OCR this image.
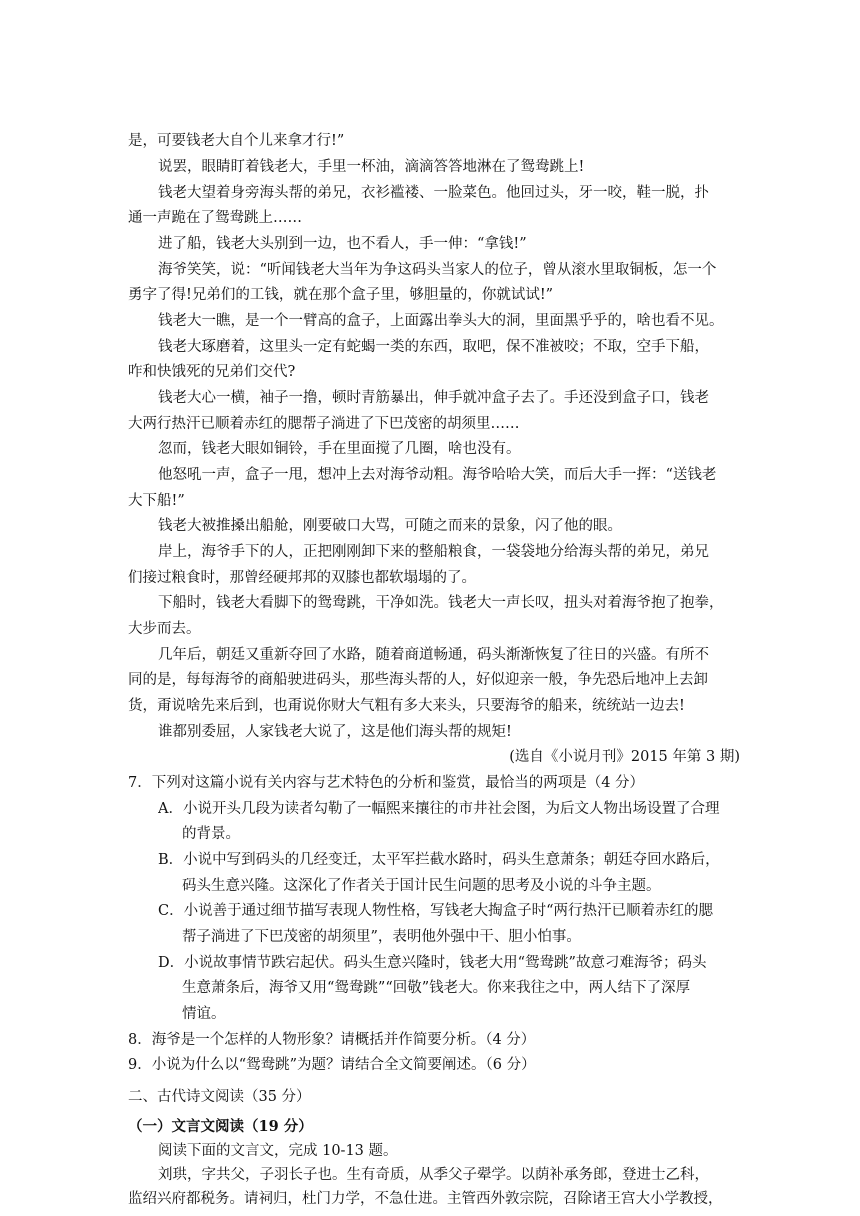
是，可要钱老大自个儿来拿才行!”
说罢，眼睛盯着钱老大，手里一杯油，滴滴答答地淋在了鸳鸯跳上!
钱老大望着身旁海头帮的弟兄，衣衫褴褛、一脸菜色。他回过头，牙一咬，鞋一脱，扑
通一声跪在了鸳鸯跳上……
进了船，钱老大头别到一边，也不看人，手一伸：“拿钱!”
海爷笑笑，说：“听闻钱老大当年为争这码头当家人的位子，曾从滚水里取铜板，怎一个
勇字了得!兄弟们的工钱，就在那个盒子里，够胆量的，你就试试!”
钱老大一瞧，是一个一臂高的盒子，上面露出拳头大的洞，里面黑乎乎的，啥也看不见。
钱老大琢磨着，这里头一定有蛇蝎一类的东西，取吧，保不准被咬；不取，空手下船，
咋和快饿死的兄弟们交代?
钱老大心一横，袖子一撸，顿时青筋暴出，伸手就冲盒子去了。手还没到盒子口，钱老
大两行热汗已顺着赤红的腮帮子淌进了下巴茂密的胡须里……
忽而，钱老大眼如铜铃，手在里面搅了几圈，啥也没有。
他怒吼一声，盒子一甩，想冲上去对海爷动粗。海爷哈哈大笑，而后大手一挥：“送钱老
大下船!”
钱老大被推搡出船舱，刚要破口大骂，可随之而来的景象，闪了他的眼。
岸上，海爷手下的人，正把刚刚卸下来的整船粮食，一袋袋地分给海头帮的弟兄，弟兄
们接过粮食时，那曾经硬邦邦的双膝也都软塌塌的了。
下船时，钱老大看脚下的鸳鸯跳，干净如洗。钱老大一声长叹，扭头对着海爷抱了抱拳，
大步而去。
几年后，朝廷又重新夺回了水路，随着商道畅通，码头渐渐恢复了往日的兴盛。有所不
同的是，每每海爷的商船驶进码头，那些海头帮的人，好似迎亲一般，争先恐后地冲上去卸
货，甭说啥先来后到，也甭说你财大气粗有多大来头，只要海爷的船来，统统站一边去!
谁都别委屈，人家钱老大说了，这是他们海头帮的规矩!
(选自《小说月刊》2015 年第 3 期)
7．下列对这篇小说有关内容与艺术特色的分析和鉴赏，最恰当的两项是（4 分）
A．小说开头几段为读者勾勒了一幅熙来攘往的市井社会图，为后文人物出场设置了合理
的背景。
B．小说中写到码头的几经变迁，太平军拦截水路时，码头生意萧条；朝廷夺回水路后，
码头生意兴隆。这深化了作者关于国计民生问题的思考及小说的斗争主题。
C．小说善于通过细节描写表现人物性格，写钱老大掏盒子时“两行热汗已顺着赤红的腮
帮子淌进了下巴茂密的胡须里”，表明他外强中干、胆小怕事。
D．小说故事情节跌宕起伏。码头生意兴隆时，钱老大用“鸳鸯跳”故意刁难海爷；码头
生意萧条后，海爷又用“鸳鸯跳”“回敬”钱老大。你来我往之中，两人结下了深厚
情谊。
8．海爷是一个怎样的人物形象？请概括并作简要分析。（4 分）
9．小说为什么以“鸳鸯跳”为题？请结合全文简要阐述。（6 分）
二、古代诗文阅读（35 分）
（一）文言文阅读（19 分）
阅读下面的文言文，完成 10-13 题。
刘珙，字共父，子羽长子也。生有奇质，从季父子翚学。以荫补承务郎，登进士乙科，
监绍兴府都税务。请祠归，杜门力学，不急仕进。主管西外敦宗院，召除诸王宫大小学教授，
